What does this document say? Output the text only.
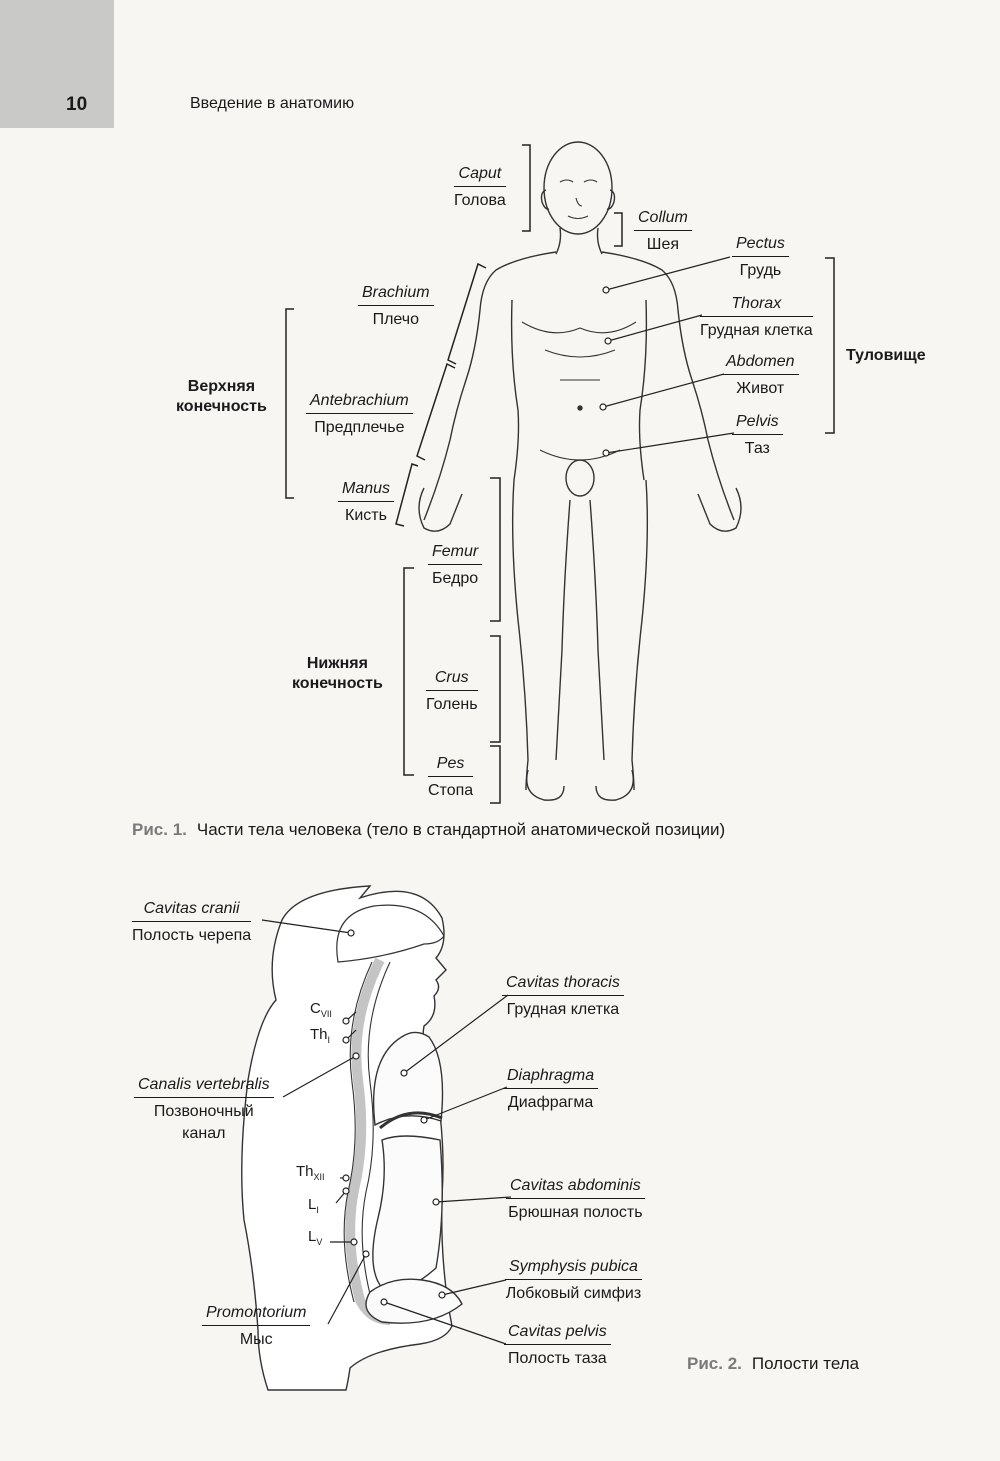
10	Введение в анатомию
Caput
Голова
Collum
Шея	Pectus
Грудь
Thorax
Грудная клетка
Abdomen
Живот
Pelvis
Таз
Brachium
Плечо
Antebrachium
Предплечье
Manus
Кисть
Femur
Бедро
Crus
Голень
Pes
Стопа
Верхняя
конечность
Туловище
Нижняя
конечность
Рис. 1. Части тела человека (тело в стандартной анатомической позиции)
Cavitas cranii
Полость черепа
Canalis vertebralis
Позвоночный
канал
Promontorium
Мыс
Cavitas thoracis
Грудная клетка
Diaphragma
Диафрагма
Cavitas abdominis
Брюшная полость
Symphysis pubica
Лобковый симфиз
Cavitas pelvis
Полость таза
$C_{VII}$
$Th_I$
$Th_{XII}$
$L_I$
$L_V$
Рис. 2. Полости тела
